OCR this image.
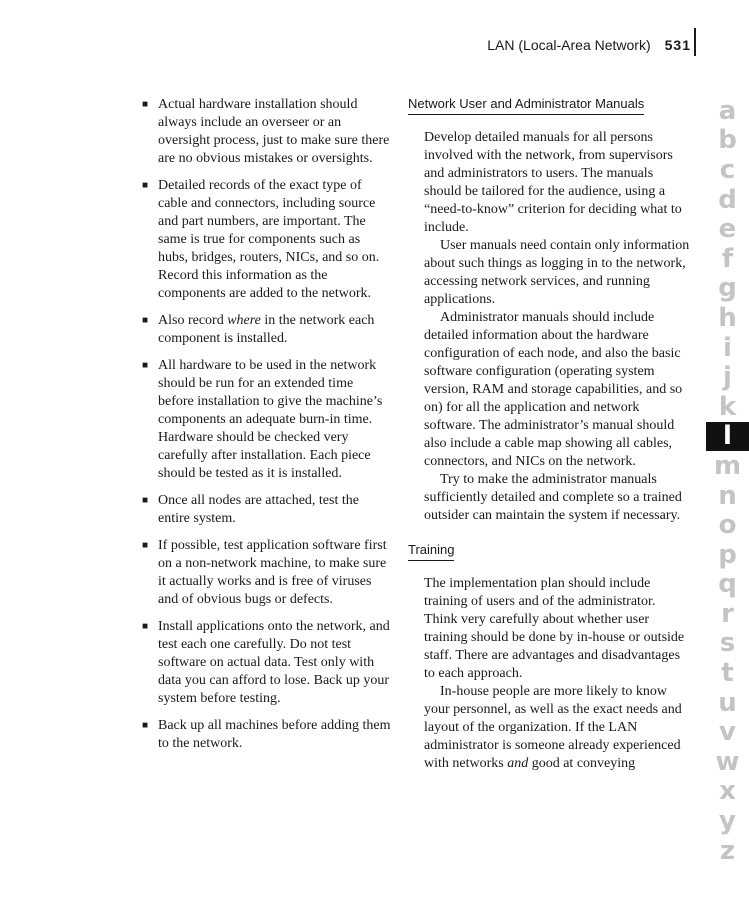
LAN (Local-Area Network) 531
■ Actual hardware installation should always include an overseer or an oversight process, just to make sure there are no obvious mistakes or oversights.
■ Detailed records of the exact type of cable and connectors, including source and part numbers, are important. The same is true for components such as hubs, bridges, routers, NICs, and so on. Record this information as the components are added to the network.
■ Also record where in the network each component is installed.
■ All hardware to be used in the network should be run for an extended time before installation to give the machine’s components an adequate burn-in time. Hardware should be checked very carefully after installation. Each piece should be tested as it is installed.
■ Once all nodes are attached, test the entire system.
■ If possible, test application software first on a non-network machine, to make sure it actually works and is free of viruses and of obvious bugs or defects.
■ Install applications onto the network, and test each one carefully. Do not test software on actual data. Test only with data you can afford to lose. Back up your system before testing.
■ Back up all machines before adding them to the network.
Network User and Administrator Manuals

Develop detailed manuals for all persons involved with the network, from supervisors and administrators to users. The manuals should be tailored for the audience, using a “need-to-know” criterion for deciding what to include.

User manuals need contain only information about such things as logging in to the network, accessing network services, and running applications.

Administrator manuals should include detailed information about the hardware configuration of each node, and also the basic software configuration (operating system version, RAM and storage capabilities, and so on) for all the application and network software. The administrator’s manual should also include a cable map showing all cables, connectors, and NICs on the network.

Try to make the administrator manuals sufficiently detailed and complete so a trained outsider can maintain the system if necessary.

Training

The implementation plan should include training of users and of the administrator. Think very carefully about whether user training should be done by in-house or outside staff. There are advantages and disadvantages to each approach.

In-house people are more likely to know your personnel, as well as the exact needs and layout of the organization. If the LAN administrator is someone already experienced with networks and good at conveying

a
b
c
d
e
f
g
h
i
j
k
l
m
n
o
p
q
r
s
t
u
v
w
x
y
z
